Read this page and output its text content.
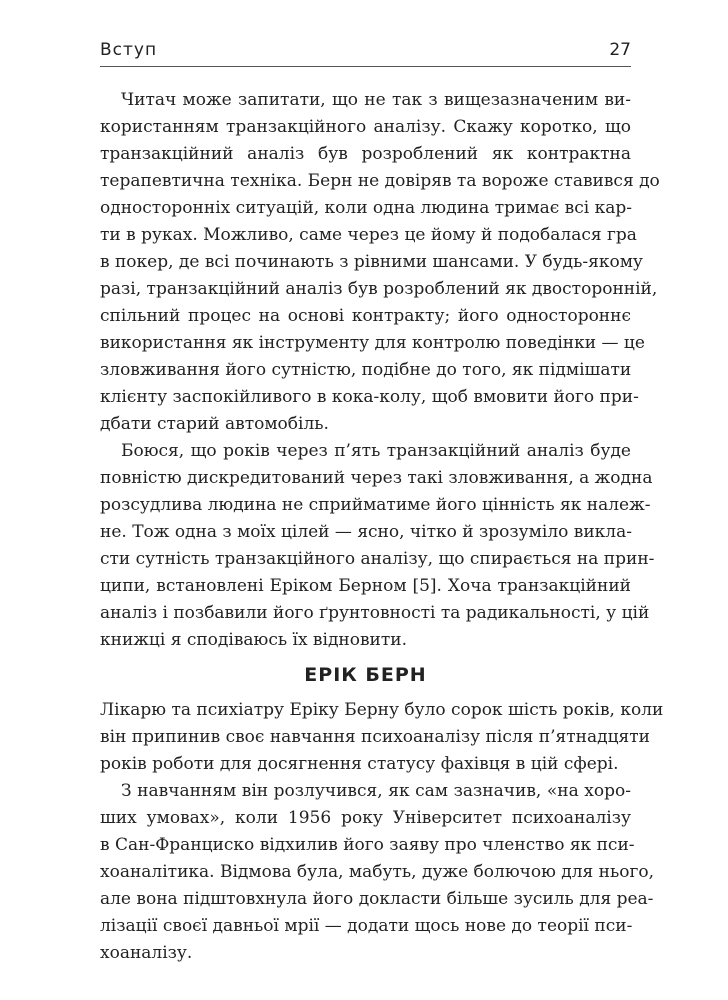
Вступ	27
Читач може запитати, що не так з вищезазначеним ви-
користанням транзакційного аналізу. Скажу коротко, що
транзакційний аналіз був розроблений як контрактна
терапевтична техніка. Берн не довіряв та вороже ставився до
односторонніх ситуацій, коли одна людина тримає всі кар-
ти в руках. Можливо, саме через це йому й подобалася гра
в покер, де всі починають з рівними шансами. У будь-якому
разі, транзакційний аналіз був розроблений як двосторонній,
спільний процес на основі контракту; його одностороннє
використання як інструменту для контролю поведінки — це
зловживання його сутністю, подібне до того, як підмішати
клієнту заспокійливого в кока-колу, щоб вмовити його при-
дбати старий автомобіль.
Боюся, що років через п’ять транзакційний аналіз буде
повністю дискредитований через такі зловживання, а жодна
розсудлива людина не сприйматиме його цінність як належ-
не. Тож одна з моїх цілей — ясно, чітко й зрозуміло викла-
сти сутність транзакційного аналізу, що спирається на прин-
ципи, встановлені Еріком Берном [5]. Хоча транзакційний
аналіз і позбавили його ґрунтовності та радикальності, у цій
книжці я сподіваюсь їх відновити.
ЕРІК БЕРН
Лікарю та психіатру Еріку Берну було сорок шість років, коли
він припинив своє навчання психоаналізу після п’ятнадцяти
років роботи для досягнення статусу фахівця в цій сфері.
З навчанням він розлучився, як сам зазначив, «на хоро-
ших умовах», коли 1956 року Університет психоаналізу
в Сан-Франциско відхилив його заяву про членство як пси-
хоаналітика. Відмова була, мабуть, дуже болючою для нього,
але вона підштовхнула його докласти більше зусиль для реа-
лізації своєї давньої мрії — додати щось нове до теорії пси-
хоаналізу.
